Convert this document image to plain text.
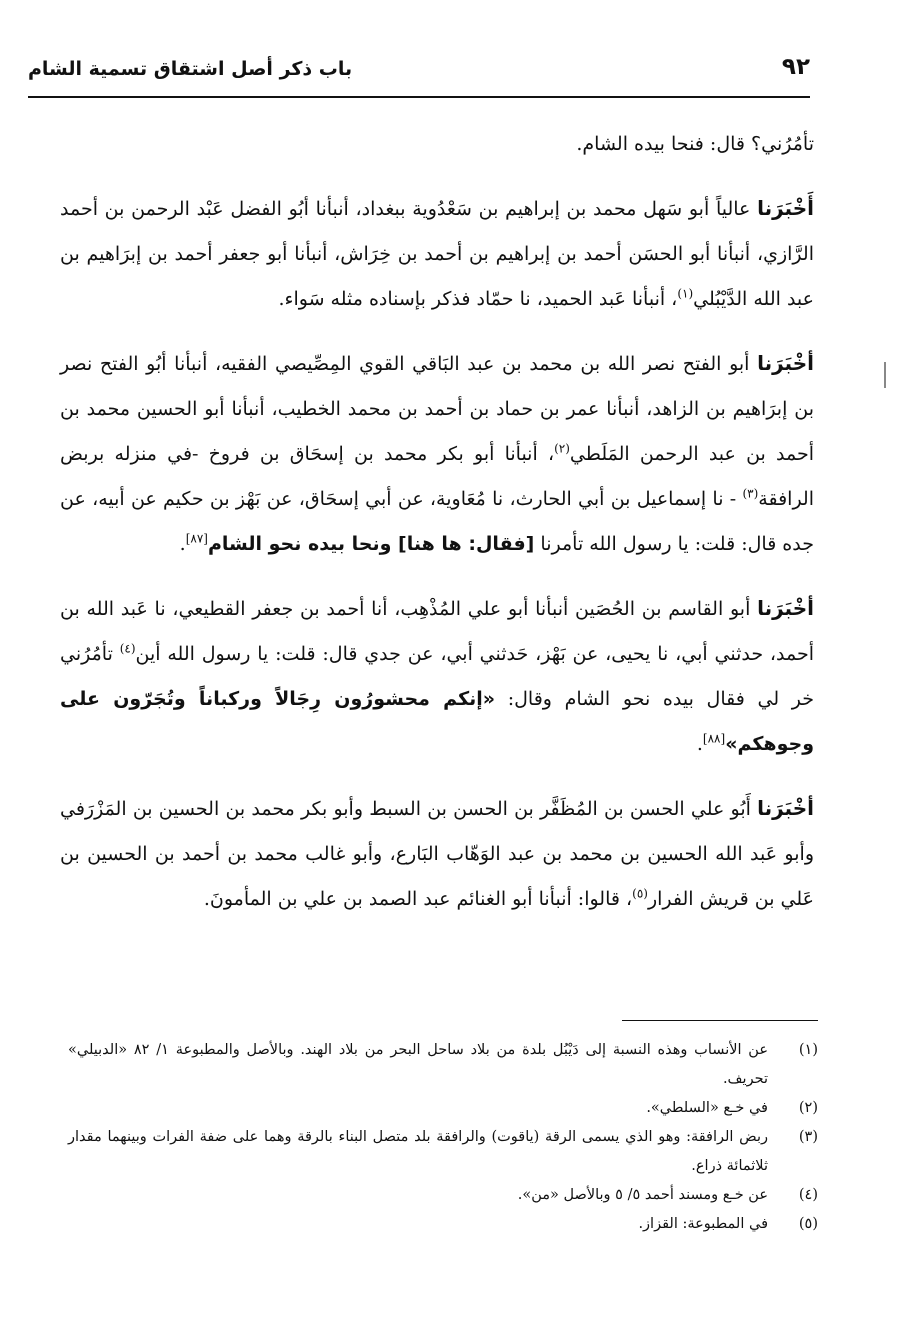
باب ذكر أصل اشتقاق تسمية الشام	٩٢

تأمُرُني؟ قال: فنحا بيده الشام.

أَخْبَرَنا عالياً أبو سَهل محمد بن إبراهيم بن سَعْدُوية ببغداد، أنبأنا أبُو الفضل عَبْد الرحمن بن أحمد الرَّازي، أنبأنا أبو الحسَن أحمد بن إبراهيم بن أحمد بن خِرَاش، أنبأنا أبو جعفر أحمد بن إبرَاهيم بن عبد الله الدَّيْبُلي$^{(١)}$، أنبأنا عَبد الحميد، نا حمّاد فذكر بإسناده مثله سَواء.

أخْبَرَنا أبو الفتح نصر الله بن محمد بن عبد البَاقي القوي المِصِّيصي الفقيه، أنبأنا أبُو الفتح نصر بن إبرَاهيم بن الزاهد، أنبأنا عمر بن حماد بن أحمد بن محمد الخطيب، أنبأنا أبو الحسين محمد بن أحمد بن عبد الرحمن المَلَطي$^{(٢)}$، أنبأنا أبو بكر محمد بن إسحَاق بن فروخ -في منزله بربض الرافقة$^{(٣)}$ - نا إسماعيل بن أبي الحارث، نا مُعَاوية، عن أبي إسحَاق، عن بَهْز بن حكيم عن أبيه، عن جده قال: قلت: يا رسول الله تأمرنا [فقال: ها هنا] ونحا بيده نحو الشام[٨٧].

أخْبَرَنا أبو القاسم بن الحُصَين أنبأنا أبو علي المُذْهِب، أنا أحمد بن جعفر القطيعي، نا عَبد الله بن أحمد، حدثني أبي، نا يحيى، عن بَهْز، حَدثني أبي، عن جدي قال: قلت: يا رسول الله أين$^{(٤)}$ تأمُرُني خر لي فقال بيده نحو الشام وقال: «إنكم محشورُون رِجَالاً وركباناً وتُجَرّون على وجوهكم»[٨٨].

أخْبَرَنا أَبُو علي الحسن بن المُظَفَّر بن الحسن بن السبط وأبو بكر محمد بن الحسين بن المَزْرَفي وأبو عَبد الله الحسين بن محمد بن عبد الوَهّاب البَارع، وأبو غالب محمد بن أحمد بن الحسين بن عَلي بن قريش الفرار$^{(٥)}$، قالوا: أنبأنا أبو الغنائم عبد الصمد بن علي بن المأمونَ.

(١)
عن الأنساب وهذه النسبة إلى دَيْبُل بلدة من بلاد ساحل البحر من بلاد الهند. وبالأصل والمطبوعة ١/ ٨٢ «الدبيلي» تحريف.
(٢)
في خـع «السلطي».
(٣)
ربض الرافقة: وهو الذي يسمى الرقة (ياقوت) والرافقة بلد متصل البناء بالرقة وهما على ضفة الفرات وبينهما مقدار ثلاثمائة ذراع.
(٤)
عن خـع ومسند أحمد ٥/ ٥ وبالأصل «من».
(٥)
في المطبوعة: القزاز.
